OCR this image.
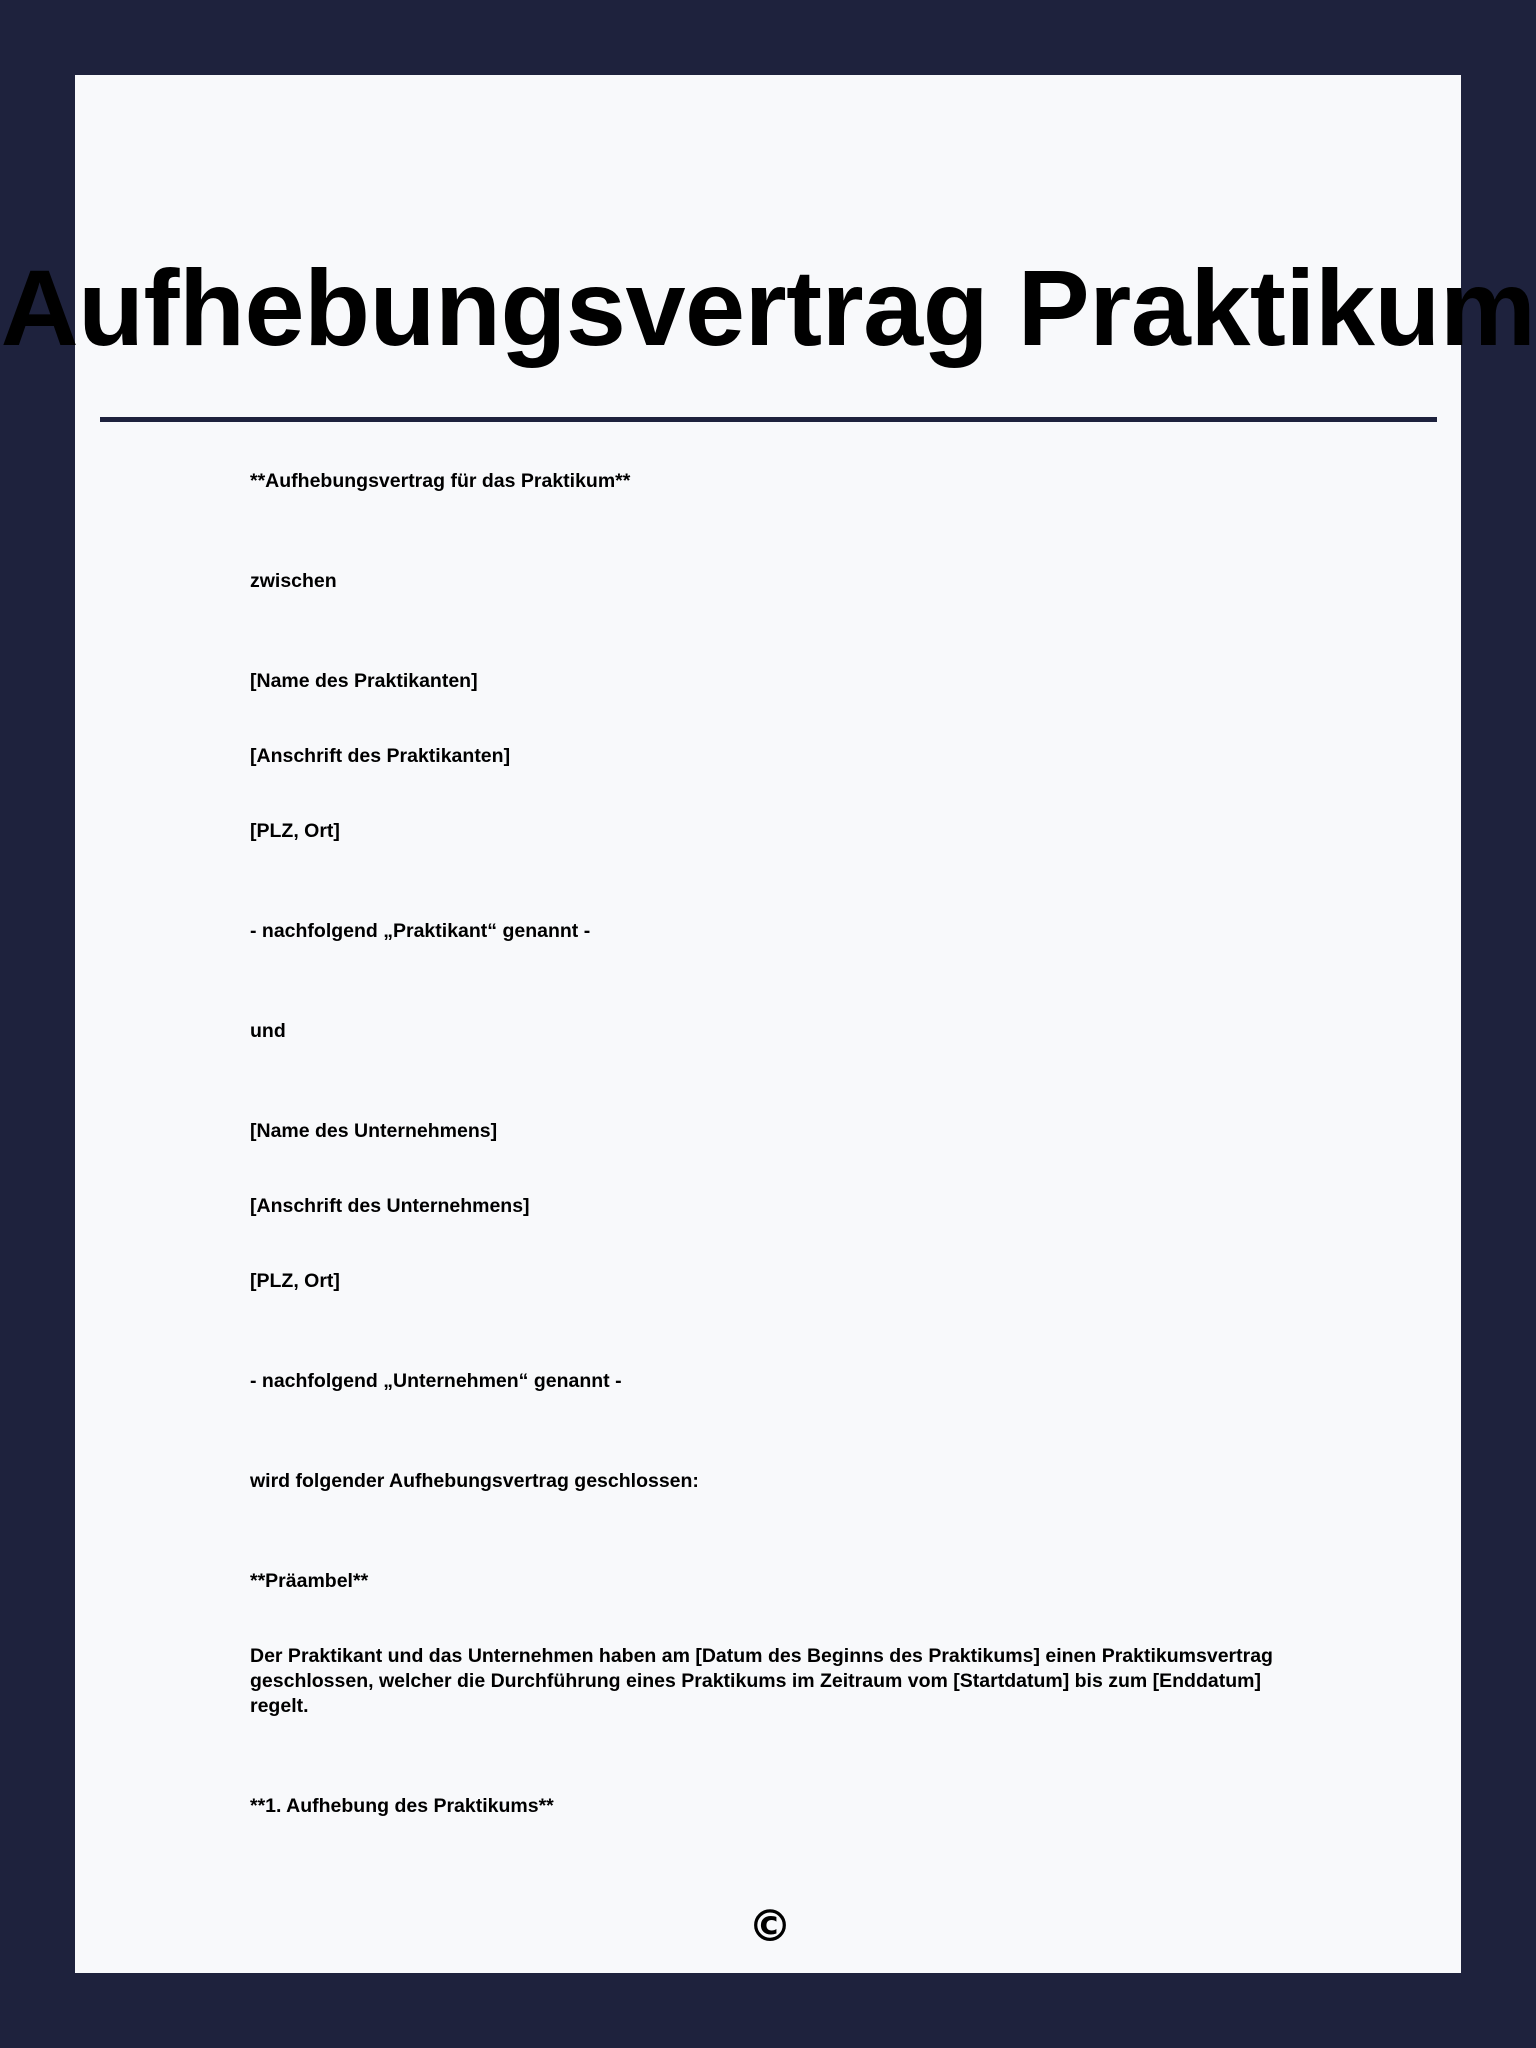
Aufhebungsvertrag Praktikum

**Aufhebungsvertrag für das Praktikum**

zwischen

[Name des Praktikanten]

[Anschrift des Praktikanten]

[PLZ, Ort]

- nachfolgend „Praktikant“ genannt -

und

[Name des Unternehmens]

[Anschrift des Unternehmens]

[PLZ, Ort]

- nachfolgend „Unternehmen“ genannt -

wird folgender Aufhebungsvertrag geschlossen:

**Präambel**

Der Praktikant und das Unternehmen haben am [Datum des Beginns des Praktikums] einen Praktikumsvertrag geschlossen, welcher die Durchführung eines Praktikums im Zeitraum vom [Startdatum] bis zum [Enddatum] regelt.

**1. Aufhebung des Praktikums**

©
